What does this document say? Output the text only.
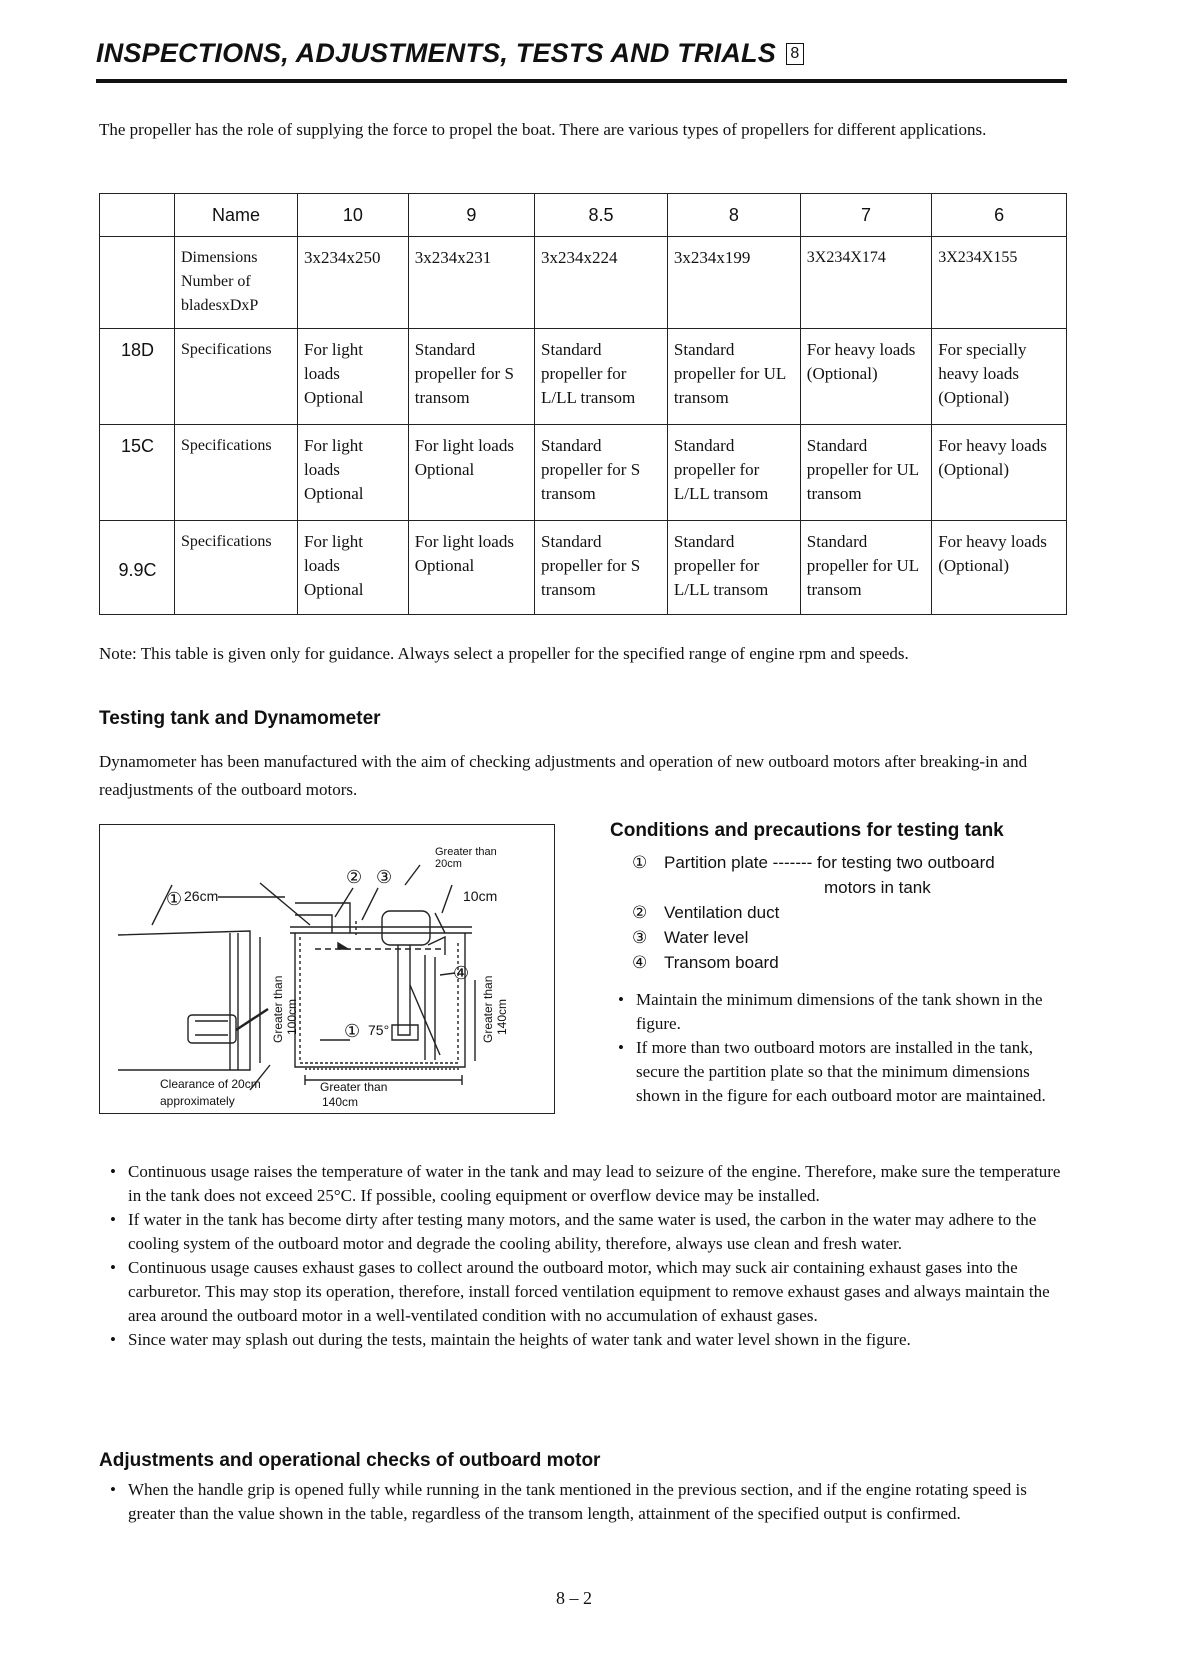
INSPECTIONS, ADJUSTMENTS, TESTS AND TRIALS 8
The propeller has the role of supplying the force to propel the boat. There are various types of propellers for different applications.
	Name	10	9	8.5	8	7	6
	Dimensions Number of bladesxDxP	3x234x250	3x234x231	3x234x224	3x234x199	3X234X174	3X234X155
18D	Specifications	For light loads Optional	Standard propeller for S transom	Standard propeller for L/LL transom	Standard propeller for UL transom	For heavy loads (Optional)	For specially heavy loads (Optional)
15C	Specifications	For light loads Optional	For light loads Optional	Standard propeller for S transom	Standard propeller for L/LL transom	Standard propeller for UL transom	For heavy loads (Optional)
9.9C	Specifications	For light loads Optional	For light loads Optional	Standard propeller for S transom	Standard propeller for L/LL transom	Standard propeller for UL transom	For heavy loads (Optional)
Note: This table is given only for guidance. Always select a propeller for the specified range of engine rpm and speeds.
Testing tank and Dynamometer
Dynamometer has been manufactured with the aim of checking adjustments and operation of new outboard motors after breaking-in and readjustments of the outboard motors.
26cm
Greater than
20cm
10cm
75°
Clearance of 20cm
approximately
Greater than
140cm
Greater than 100cm	Greater than 140cm
①
② ③
④
①
Conditions and precautions for testing tank
① Partition plate ------- for testing two outboard
motors in tank
② Ventilation duct
③ Water level
④ Transom board
• Maintain the minimum dimensions of the tank shown in the figure.
• If more than two outboard motors are installed in the tank, secure the partition plate so that the minimum dimensions shown in the figure for each outboard motor are maintained.
• Continuous usage raises the temperature of water in the tank and may lead to seizure of the engine. Therefore, make sure the temperature in the tank does not exceed 25°C. If possible, cooling equipment or overflow device may be installed.
• If water in the tank has become dirty after testing many motors, and the same water is used, the carbon in the water may adhere to the cooling system of the outboard motor and degrade the cooling ability, therefore, always use clean and fresh water.
• Continuous usage causes exhaust gases to collect around the outboard motor, which may suck air containing exhaust gases into the carburetor. This may stop its operation, therefore, install forced ventilation equipment to remove exhaust gases and always maintain the area around the outboard motor in a well-ventilated condition with no accumulation of exhaust gases.
• Since water may splash out during the tests, maintain the heights of water tank and water level shown in the figure.
Adjustments and operational checks of outboard motor
• When the handle grip is opened fully while running in the tank mentioned in the previous section, and if the engine rotating speed is greater than the value shown in the table, regardless of the transom length, attainment of the specified output is confirmed.
8 – 2
